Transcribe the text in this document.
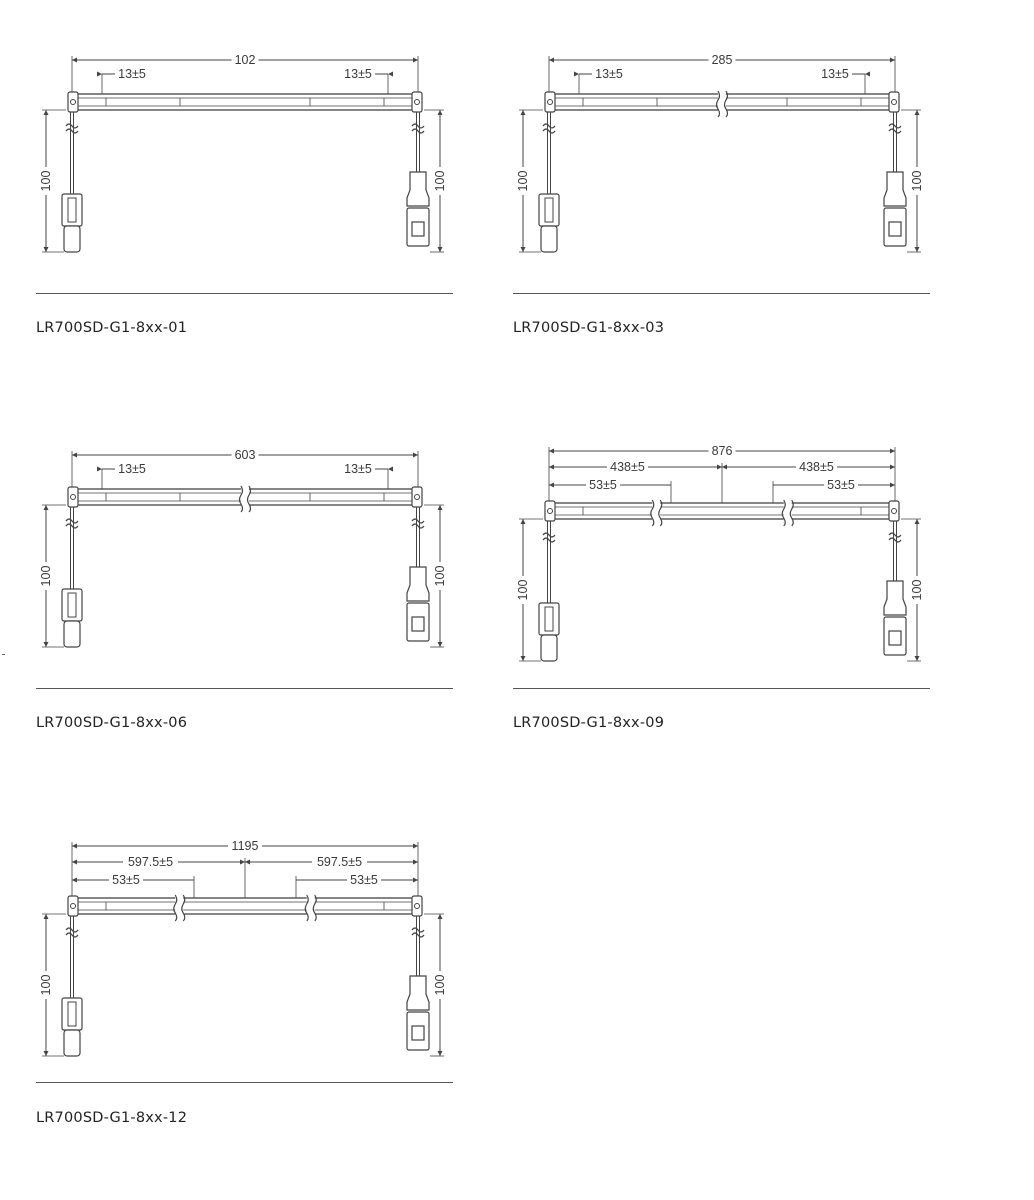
102
13±5	13±5
100	100
LR700SD-G1-8xx-01
285
13±5	13±5
100	100
LR700SD-G1-8xx-03
603
13±5	13±5
100	100
LR700SD-G1-8xx-06
876
438±5	438±5
53±5	53±5
100	100
LR700SD-G1-8xx-09
1195
597.5±5	597.5±5
53±5	53±5
100	100
LR700SD-G1-8xx-12
